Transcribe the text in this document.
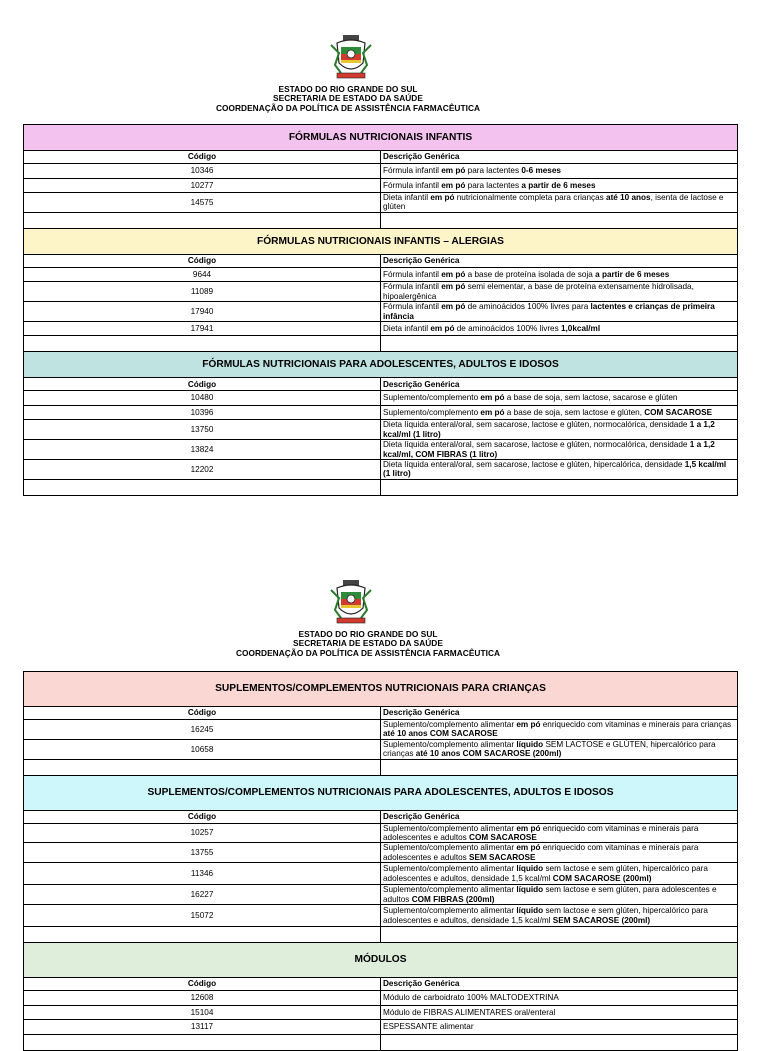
ESTADO DO RIO GRANDE DO SUL
SECRETARIA DE ESTADO DA SAÚDE
COORDENAÇÃO DA POLÍTICA DE ASSISTÊNCIA FARMACÊUTICA
FÓRMULAS NUTRICIONAIS INFANTIS	
Código	Descrição Genérica
10346	Fórmula infantil em pó para lactentes 0-6 meses
10277	Fórmula infantil em pó para lactentes a partir de 6 meses
14575	Dieta infantil em pó nutricionalmente completa para crianças até 10 anos, isenta de lactose e glúten

FÓRMULAS NUTRICIONAIS INFANTIS – ALERGIAS	
Código	Descrição Genérica
9644	Fórmula infantil em pó a base de proteína isolada de soja a partir de 6 meses
11089	Fórmula infantil em pó semi elementar, a base de proteína extensamente hidrolisada, hipoalergênica
17940	Fórmula infantil em pó de aminoácidos 100% livres para lactentes e crianças de primeira infância
17941	Dieta infantil em pó de aminoácidos 100% livres 1,0kcal/ml

FÓRMULAS NUTRICIONAIS PARA ADOLESCENTES, ADULTOS E IDOSOS	
Código	Descrição Genérica
10480	Suplemento/complemento em pó a base de soja, sem lactose, sacarose e glúten
10396	Suplemento/complemento em pó a base de soja, sem lactose e glúten, COM SACAROSE
13750	Dieta líquida enteral/oral, sem sacarose, lactose e glúten, normocalórica, densidade 1 a 1,2 kcal/ml (1 litro)
13824	Dieta líquida enteral/oral, sem sacarose, lactose e glúten, normocalórica, densidade 1 a 1,2 kcal/ml, COM FIBRAS (1 litro)
12202	Dieta líquida enteral/oral, sem sacarose, lactose e glúten, hipercalórica, densidade 1,5 kcal/ml (1 litro)

ESTADO DO RIO GRANDE DO SUL
SECRETARIA DE ESTADO DA SAÚDE
COORDENAÇÃO DA POLÍTICA DE ASSISTÊNCIA FARMACÊUTICA
SUPLEMENTOS/COMPLEMENTOS NUTRICIONAIS PARA CRIANÇAS	
Código	Descrição Genérica
16245	Suplemento/complemento alimentar em pó enriquecido com vitaminas e minerais para crianças até 10 anos COM SACAROSE
10658	Suplemento/complemento alimentar líquido SEM LACTOSE e GLÚTEN, hipercalórico para crianças até 10 anos COM SACAROSE (200ml)

SUPLEMENTOS/COMPLEMENTOS NUTRICIONAIS PARA ADOLESCENTES, ADULTOS E IDOSOS	
Código	Descrição Genérica
10257	Suplemento/complemento alimentar em pó enriquecido com vitaminas e minerais para adolescentes e adultos COM SACAROSE
13755	Suplemento/complemento alimentar em pó enriquecido com vitaminas e minerais para adolescentes e adultos SEM SACAROSE
11346	Suplemento/complemento alimentar líquido sem lactose e sem glúten, hipercalórico para adolescentes e adultos, densidade 1,5 kcal/ml COM SACAROSE (200ml)
16227	Suplemento/complemento alimentar líquido sem lactose e sem glúten, para adolescentes e adultos COM FIBRAS (200ml)
15072	Suplemento/complemento alimentar líquido sem lactose e sem glúten, hipercalórico para adolescentes e adultos, densidade 1,5 kcal/ml SEM SACAROSE (200ml)

MÓDULOS	
Código	Descrição Genérica
12608	Módulo de carboidrato 100% MALTODEXTRINA
15104	Módulo de FIBRAS ALIMENTARES oral/enteral
13117	ESPESSANTE alimentar
